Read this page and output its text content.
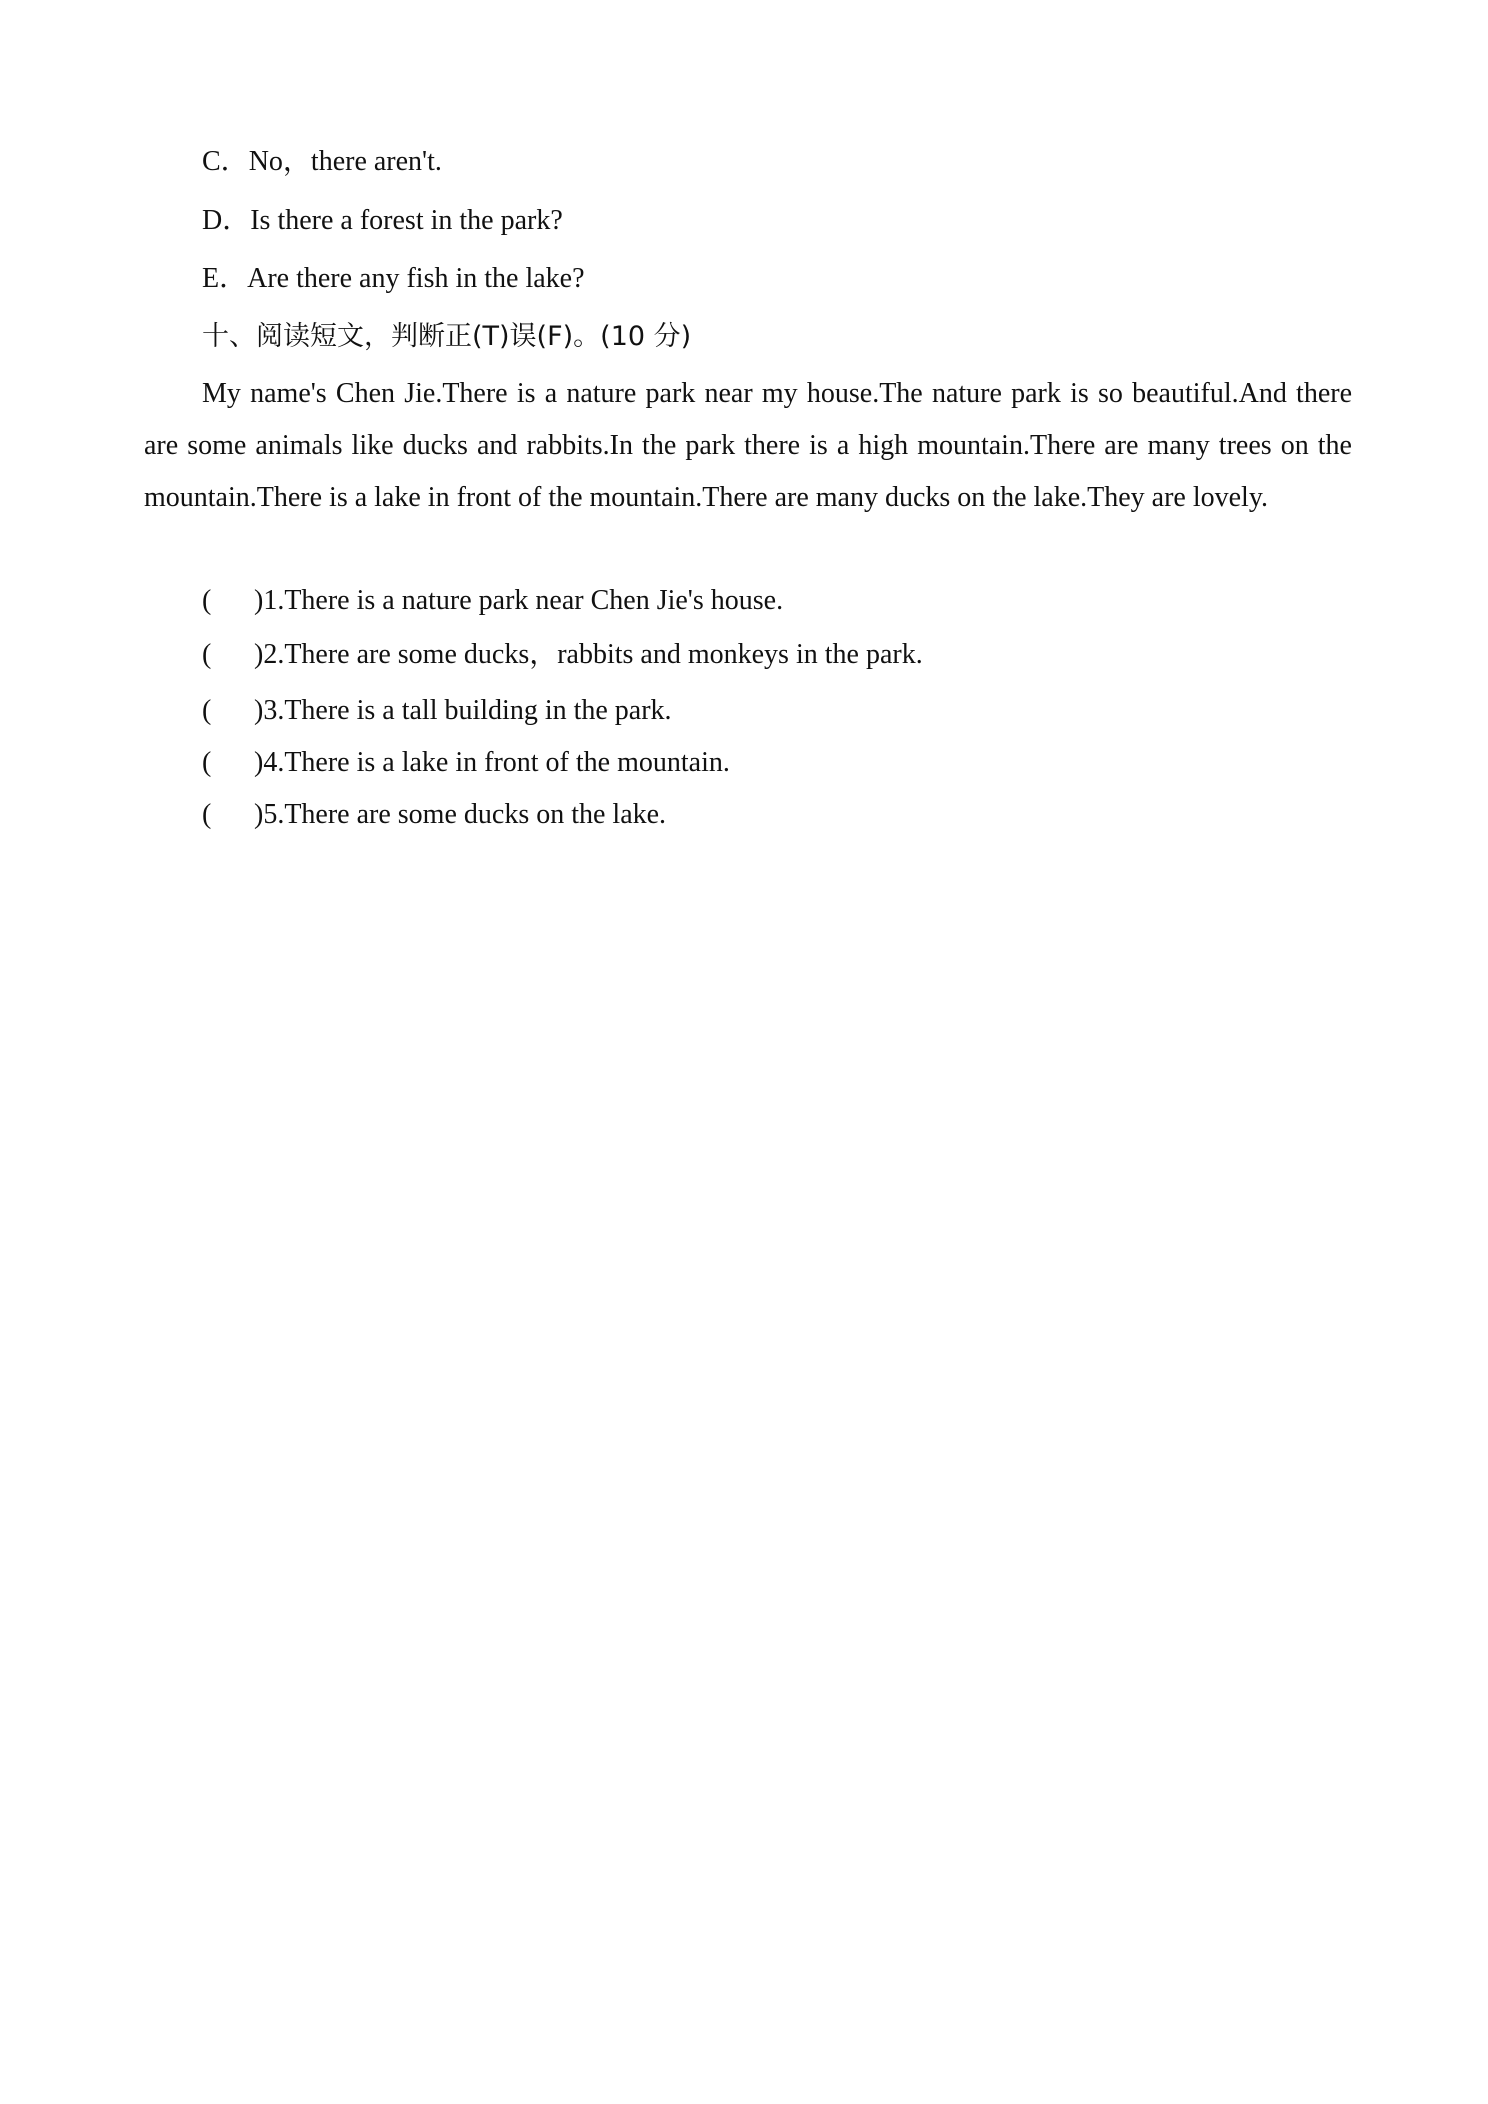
C．No，there aren't.
D．Is there a forest in the park?
E．Are there any fish in the lake?
十、阅读短文，判断正(T)误(F)。(10 分)
My name's Chen Jie.There is a nature park near my house.The nature park is so beautiful.And there are some animals like ducks and rabbits.In the park there is a high mountain.There are many trees on the mountain.There is a lake in front of the mountain.There are many ducks on the lake.They are lovely.
( )1.There is a nature park near Chen Jie's house.
( )2.There are some ducks，rabbits and monkeys in the park.
( )3.There is a tall building in the park.
( )4.There is a lake in front of the mountain.
( )5.There are some ducks on the lake.
